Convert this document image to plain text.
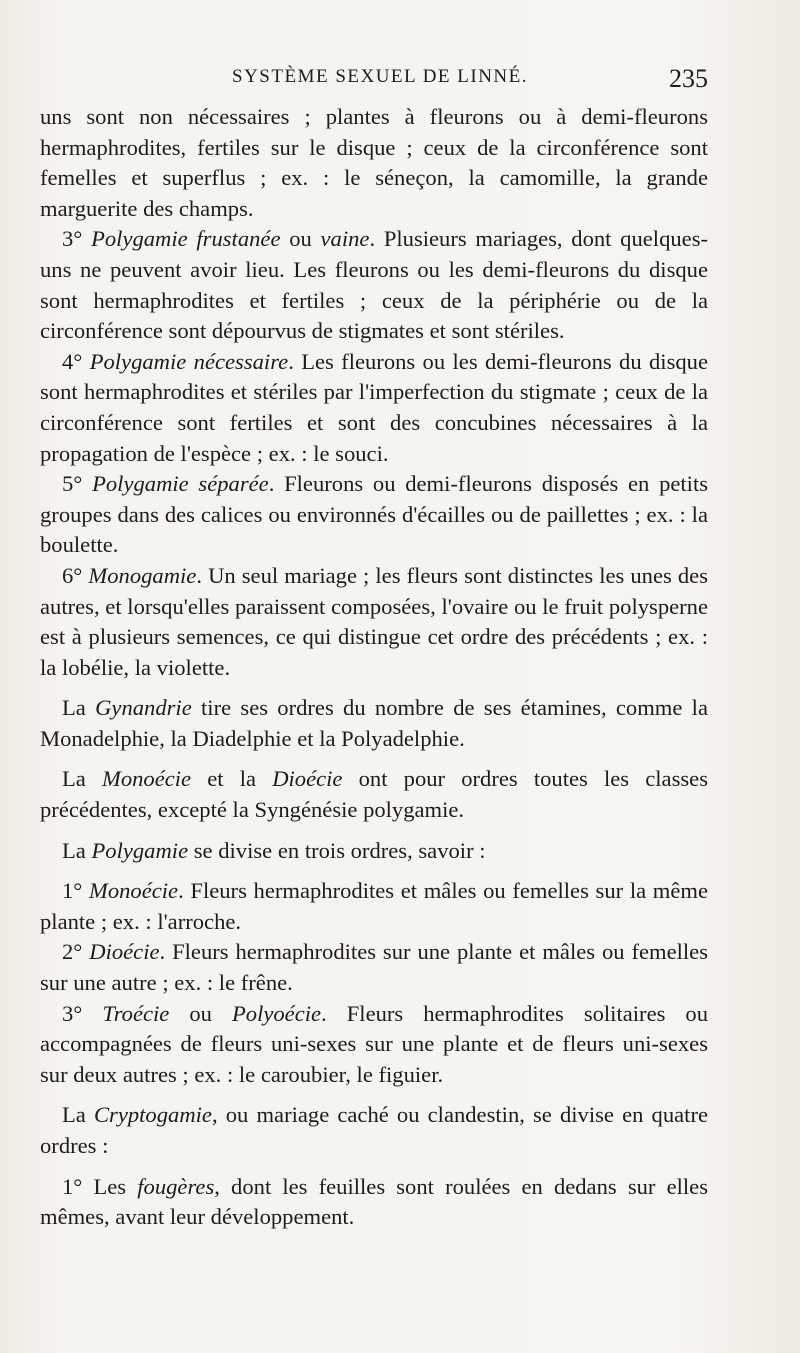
SYSTÈME SEXUEL DE LINNÉ.	235

uns sont non nécessaires ; plantes à fleurons ou à demi-fleurons hermaphrodites, fertiles sur le disque ; ceux de la circonférence sont femelles et superflus ; ex. : le séneçon, la camomille, la grande marguerite des champs.

3° Polygamie frustanée ou vaine. Plusieurs mariages, dont quelques-uns ne peuvent avoir lieu. Les fleurons ou les demi-fleurons du disque sont hermaphrodites et fertiles ; ceux de la périphérie ou de la circonférence sont dépourvus de stigmates et sont stériles.

4° Polygamie nécessaire. Les fleurons ou les demi-fleurons du disque sont hermaphrodites et stériles par l'imperfection du stigmate ; ceux de la circonférence sont fertiles et sont des concubines nécessaires à la propagation de l'espèce ; ex. : le souci.

5° Polygamie séparée. Fleurons ou demi-fleurons disposés en petits groupes dans des calices ou environnés d'écailles ou de paillettes ; ex. : la boulette.

6° Monogamie. Un seul mariage ; les fleurs sont distinctes les unes des autres, et lorsqu'elles paraissent composées, l'ovaire ou le fruit polysperne est à plusieurs semences, ce qui distingue cet ordre des précédents ; ex. : la lobélie, la violette.

La Gynandrie tire ses ordres du nombre de ses étamines, comme la Monadelphie, la Diadelphie et la Polyadelphie.

La Monoécie et la Dioécie ont pour ordres toutes les classes précédentes, excepté la Syngénésie polygamie.

La Polygamie se divise en trois ordres, savoir :

1° Monoécie. Fleurs hermaphrodites et mâles ou femelles sur la même plante ; ex. : l'arroche.

2° Dioécie. Fleurs hermaphrodites sur une plante et mâles ou femelles sur une autre ; ex. : le frêne.

3° Troécie ou Polyoécie. Fleurs hermaphrodites solitaires ou accompagnées de fleurs uni-sexes sur une plante et de fleurs uni-sexes sur deux autres ; ex. : le caroubier, le figuier.

La Cryptogamie, ou mariage caché ou clandestin, se divise en quatre ordres :

1° Les fougères, dont les feuilles sont roulées en dedans sur elles mêmes, avant leur développement.
